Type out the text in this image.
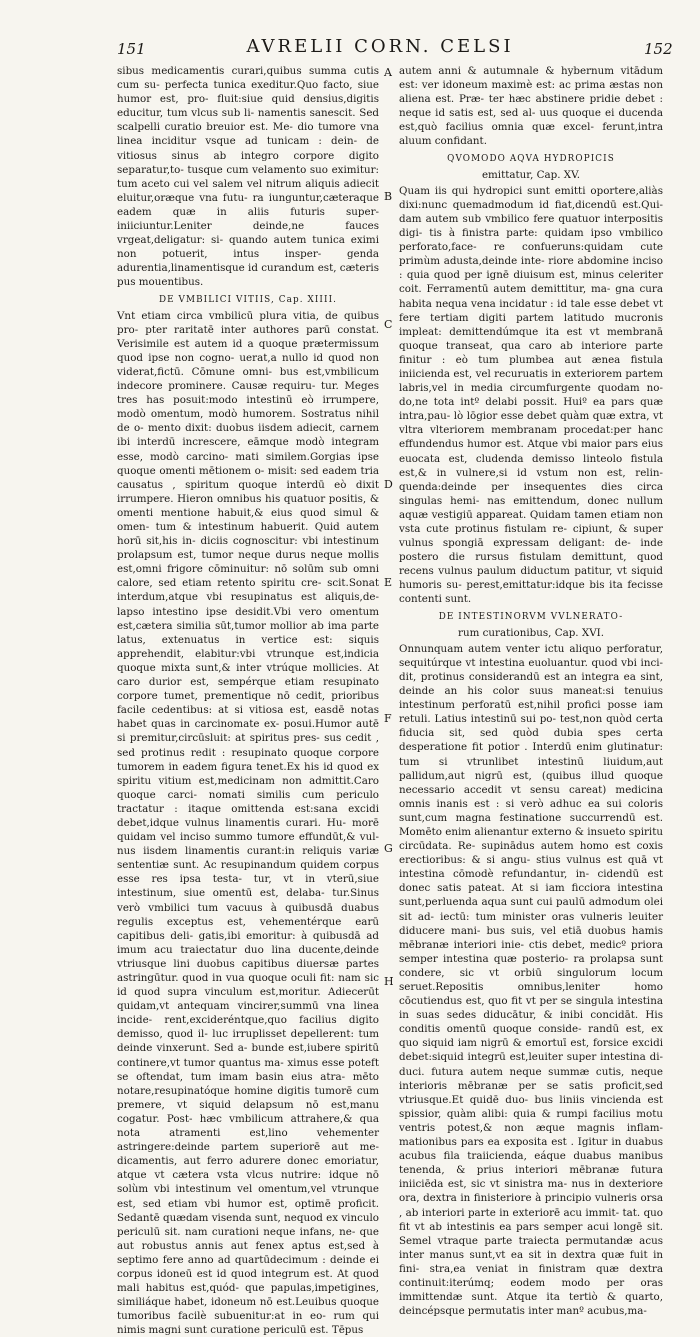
151	AVRELII CORN. CELSI	152
A
B
C
D
E
F
G
H

sibus medicamentis curari,quibus summa cutis cum su- perfecta tunica exeditur.Quo facto, siue humor est, pro- fluit:siue quid densius,digitis educitur, tum vlcus sub li- namentis sanescit. Sed scalpelli curatio breuior est. Me- dio tumore vna linea inciditur vsque ad tunicam : dein- de vitiosus sinus ab integro corpore digito separatur,to- tusque cum velamento suo eximitur: tum aceto cui vel salem vel nitrum aliquis adiecit eluitur,oræque vna futu- ra iunguntur,cæteraque eadem quæ in aliis futuris super- iniiciuntur.Leniter deinde,ne fauces vrgeat,deligatur: si- quando autem tunica eximi non potuerit, intus insper- genda adurentia,linamentisque id curandum est, cæteris pus mouentibus.

DE VMBILICI VITIIS, Cap. XIIII.

Vnt etiam circa vmbilicū plura vitia, de quibus pro- pter raritatē inter authores parū constat. Verisimile est autem id a quoque prætermissum quod ipse non cogno- uerat,a nullo id quod non viderat,fictū. Cōmune omni- bus est,vmbilicum indecore prominere. Causæ requiru- tur. Meges tres has posuit:modo intestinū eò irrumpere, modò omentum, modò humorem. Sostratus nihil de o- mento dixit: duobus iisdem adiecit, carnem ibi interdū increscere, eāmque modò integram esse, modò carcino- mati similem.Gorgias ipse quoque omenti mētionem o- misit: sed eadem tria causatus , spiritum quoque interdū eò dixit irrumpere. Hieron omnibus his quatuor positis, & omenti mentione habuit,& eius quod simul & omen- tum & intestinum habuerit. Quid autem horū sit,his in- diciis cognoscitur: vbi intestinum prolapsum est, tumor neque durus neque mollis est,omni frigore cōminuitur: nō solūm sub omni calore, sed etiam retento spiritu cre- scit.Sonat interdum,atque vbi resupinatus est aliquis,de- lapso intestino ipse desidit.Vbi vero omentum est,cætera similia sūt,tumor mollior ab ima parte latus, extenuatus in vertice est: siquis apprehendit, elabitur:vbi vtrunque est,indicia quoque mixta sunt,& inter vtrúque mollicies. At caro durior est, sempérque etiam resupinato corpore tumet, prementique nō cedit, prioribus facile cedentibus: at si vitiosa est, easdē notas habet quas in carcinomate ex- posui.Humor autē si premitur,circūsluit: at spiritus pres- sus cedit , sed protinus redit : resupinato quoque corpore tumorem in eadem figura tenet.Ex his id quod ex spiritu vitium est,medicinam non admittit.Caro quoque carci- nomati similis cum periculo tractatur : itaque omittenda est:sana excidi debet,idque vulnus linamentis curari. Hu- morē quidam vel inciso summo tumore effundūt,& vul- nus iisdem linamentis curant:in reliquis variæ sententiæ sunt. Ac resupinandum quidem corpus esse res ipsa testa- tur, vt in vterū,siue intestinum, siue omentū est, delaba- tur.Sinus verò vmbilici tum vacuus à quibusdā duabus regulis exceptus est, vehementérque earū capitibus deli- gatis,ibi emoritur: à quibusdā ad imum acu traiectatur duo lina ducente,deinde vtriusque lini duobus capitibus diuersæ partes astringūtur. quod in vua quoque oculi fit: nam sic id quod supra vinculum est,moritur. Adiecerūt quidam,vt antequam vincirer,summū vna linea incide- rent,excideréntque,quo facilius digito demisso, quod il- luc irruplisset depellerent: tum deinde vinxerunt. Sed a- bunde est,iubere spiritū continere,vt tumor quantus ma- ximus esse poteft se oftendat, tum imam basin eius atra- mēto notare,resupinatóque homine digitis tumorē cum premere, vt siquid delapsum nō est,manu cogatur. Post- hæc vmbilicum attrahere,& qua nota atramenti est,lino vehementer astringere:deinde partem superiorē aut me- dicamentis, aut ferro adurere donec emoriatur, atque vt cætera vsta vlcus nutrire: idque nō solùm vbi intestinum vel omentum,vel vtrunque est, sed etiam vbi humor est, optimē proficit. Sedantē quædam visenda sunt, nequod ex vinculo periculū sit. nam curationi neque infans, ne- que aut robustus annis aut fenex aptus est,sed à septimo fere anno ad quartūdecimum : deinde ei corpus idoneū est id quod integrum est. At quod mali habitus est,quód- que papulas,impetigines, similiáque habet, idoneum nō est.Leuibus quoque tumoribus facilè subuenitur:at in eo- rum qui nimis magni sunt curatione periculū est. Tēpus

autem anni & autumnale & hybernum vitādum est: ver idoneum maximè est: ac prima æstas non aliena est. Præ- ter hæc abstinere pridie debet : neque id satis est, sed al- uus quoque ei ducenda est,quò facilius omnia quæ excel- ferunt,intra aluum confidant.

QVOMODO AQVA HYDROPICIS
emittatur, Cap. XV.

Quam iis qui hydropici sunt emitti oportere,aliàs dixi:nunc quemadmodum id fiat,dicendū est.Qui- dam autem sub vmbilico fere quatuor interpositis digi- tis à finistra parte: quidam ipso vmbilico perforato,face- re confueruns:quidam cute primùm adusta,deinde inte- riore abdomine inciso : quia quod per ignē diuisum est, minus celeriter coit. Ferramentū autem demittitur, ma- gna cura habita nequa vena incidatur : id tale esse debet vt fere tertiam digiti partem latitudo mucronis impleat: demittendúmque ita est vt membranā quoque transeat, qua caro ab interiore parte finitur : eò tum plumbea aut ænea fistula iniicienda est, vel recuruatis in exteriorem partem labris,vel in media circumfurgente quodam no- do,ne tota intº delabi possit. Huiº ea pars quæ intra,pau- lò lōgior esse debet quàm quæ extra, vt vltra vlteriorem membranam procedat:per hanc effundendus humor est. Atque vbi maior pars eius euocata est, cludenda demisso linteolo fistula est,& in vulnere,si id vstum non est, relin- quenda:deinde per insequentes dies circa singulas hemi- nas emittendum, donec nullum aquæ vestigiū appareat. Quidam tamen etiam non vsta cute protinus fistulam re- cipiunt, & super vulnus spongiā expressam deligant: de- inde postero die rursus fistulam demittunt, quod recens vulnus paulum diductum patitur, vt siquid humoris su- perest,emittatur:idque bis ita fecisse contenti sunt.

DE INTESTINORVM VVLNERATO-
rum curationibus, Cap. XVI.

Onnunquam autem venter ictu aliquo perforatur, sequitúrque vt intestina euoluantur. quod vbi inci- dit, protinus considerandū est an integra ea sint, deinde an his color suus maneat:si tenuius intestinum perforatū est,nihil profici posse iam retuli. Latius intestinū sui po- test,non quòd certa fiducia sit, sed quòd dubia spes certa desperatione fit potior . Interdū enim glutinatur: tum si vtrunlibet intestinū liuidum,aut pallidum,aut nigrū est, (quibus illud quoque necessario accedit vt sensu careat) medicina omnis inanis est : si verò adhuc ea sui coloris sunt,cum magna festinatione succurrendū est. Momēto enim alienantur externo & insueto spiritu circūdata. Re- supinādus autem homo est coxis erectioribus: & si angu- stius vulnus est quā vt intestina cōmodè refundantur, in- cidendū est donec satis pateat. At si iam ficciora intestina sunt,perluenda aqua sunt cui paulū admodum olei sit ad- iectū: tum minister oras vulneris leuiter diducere mani- bus suis, vel etiā duobus hamis mēbranæ interiori inie- ctis debet, medicº priora semper intestina quæ posterio- ra prolapsa sunt condere, sic vt orbiū singulorum locum seruet.Repositis omnibus,leniter homo cōcutiendus est, quo fit vt per se singula intestina in suas sedes diducātur, & inibi concidāt. His conditis omentū quoque conside- randū est, ex quo siquid iam nigrū & emortuī est, forsice excidi debet:siquid integrū est,leuiter super intestina di- duci. futura autem neque summæ cutis, neque interioris mēbranæ per se satis proficit,sed vtriusque.Et quidē duo- bus liniis vincienda est spissior, quàm alibi: quia & rumpi facilius motu ventris potest,& non æque magnis inflam- mationibus pars ea exposita est . Igitur in duabus acubus fila traiicienda, eáque duabus manibus tenenda, & prius interiori mēbranæ futura iniiciēda est, sic vt sinistra ma- nus in dexteriore ora, dextra in finisteriore à principio vulneris orsa , ab interiori parte in exteriorē acu immit- tat. quo fit vt ab intestinis ea pars semper acui longē sit. Semel vtraque parte traiecta permutandæ acus inter manus sunt,vt ea sit in dextra quæ fuit in fini- stra,ea veniat in finistram quæ dextra continuit:iterúmq; eodem modo per oras immittendæ sunt. Atque ita tertiò & quarto, deincépsque permutatis inter manº acubus,ma-
